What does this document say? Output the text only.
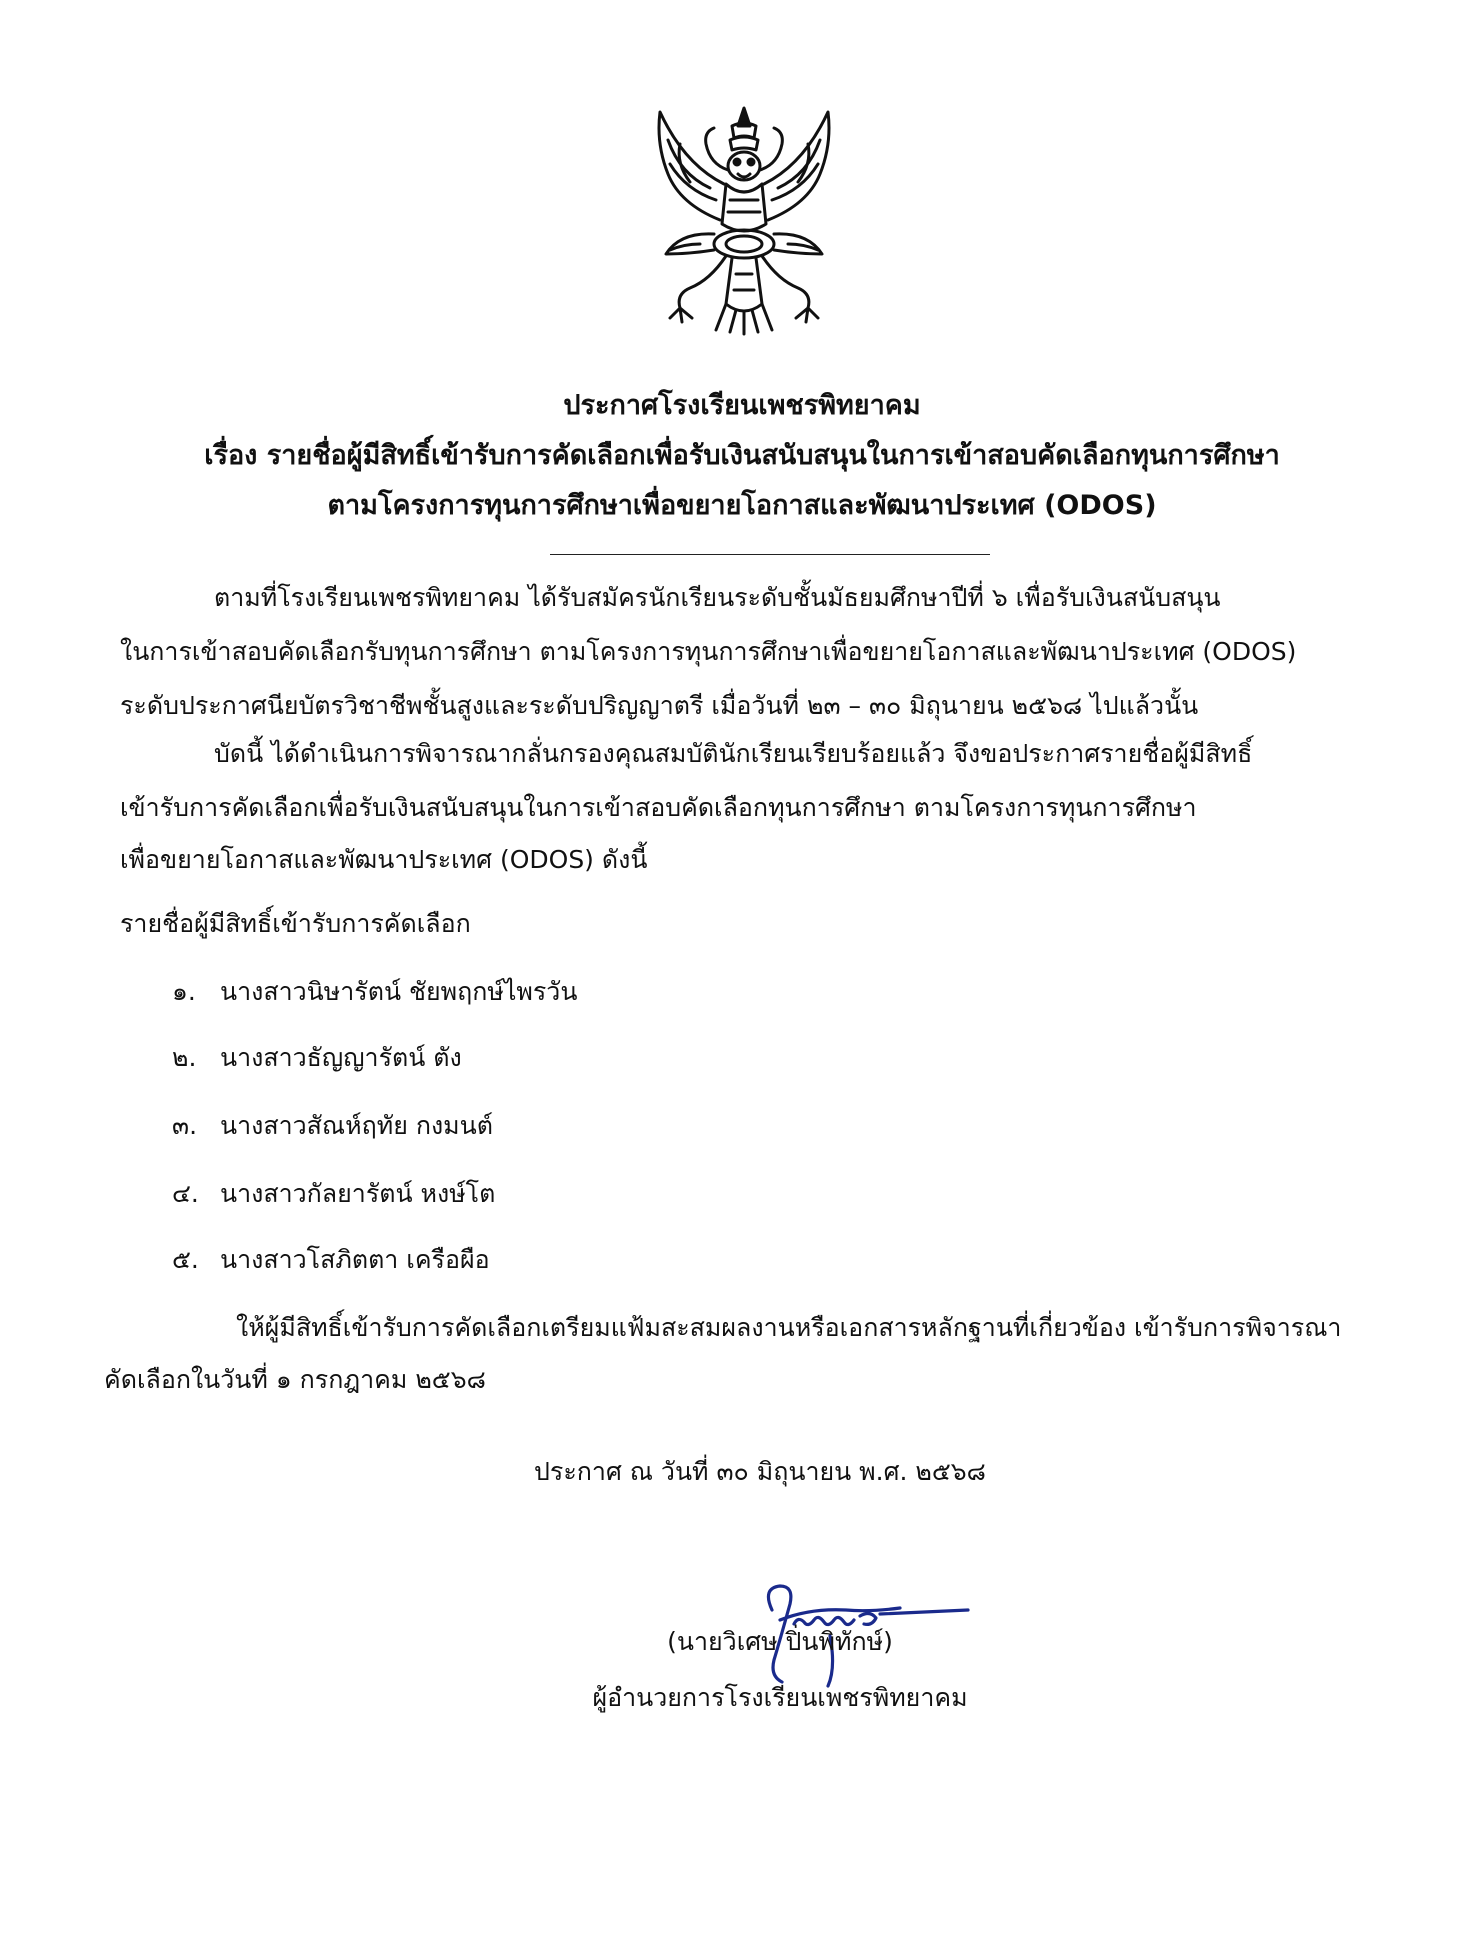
ประกาศโรงเรียนเพชรพิทยาคม
เรื่อง รายชื่อผู้มีสิทธิ์เข้ารับการคัดเลือกเพื่อรับเงินสนับสนุนในการเข้าสอบคัดเลือกทุนการศึกษา
ตามโครงการทุนการศึกษาเพื่อขยายโอกาสและพัฒนาประเทศ (ODOS)
ตามที่โรงเรียนเพชรพิทยาคม ได้รับสมัครนักเรียนระดับชั้นมัธยมศึกษาปีที่ ๖ เพื่อรับเงินสนับสนุน
ในการเข้าสอบคัดเลือกรับทุนการศึกษา ตามโครงการทุนการศึกษาเพื่อขยายโอกาสและพัฒนาประเทศ (ODOS)
ระดับประกาศนียบัตรวิชาชีพชั้นสูงและระดับปริญญาตรี เมื่อวันที่ ๒๓ – ๓๐ มิถุนายน ๒๕๖๘ ไปแล้วนั้น
บัดนี้ ได้ดำเนินการพิจารณากลั่นกรองคุณสมบัตินักเรียนเรียบร้อยแล้ว จึงขอประกาศรายชื่อผู้มีสิทธิ์
เข้ารับการคัดเลือกเพื่อรับเงินสนับสนุนในการเข้าสอบคัดเลือกทุนการศึกษา ตามโครงการทุนการศึกษา
เพื่อขยายโอกาสและพัฒนาประเทศ (ODOS) ดังนี้
รายชื่อผู้มีสิทธิ์เข้ารับการคัดเลือก
๑. นางสาวนิษารัตน์ ชัยพฤกษ์ไพรวัน
๒. นางสาวธัญญารัตน์ ตัง
๓. นางสาวสัณห์ฤทัย กงมนต์
๔. นางสาวกัลยารัตน์ หงษ์โต
๕. นางสาวโสภิตตา เครือผือ
ให้ผู้มีสิทธิ์เข้ารับการคัดเลือกเตรียมแฟ้มสะสมผลงานหรือเอกสารหลักฐานที่เกี่ยวข้อง เข้ารับการพิจารณา
คัดเลือกในวันที่ ๑ กรกฎาคม ๒๕๖๘
ประกาศ ณ วันที่ ๓๐ มิถุนายน พ.ศ. ๒๕๖๘
(นายวิเศษ ปิ่นพิทักษ์)
ผู้อำนวยการโรงเรียนเพชรพิทยาคม
